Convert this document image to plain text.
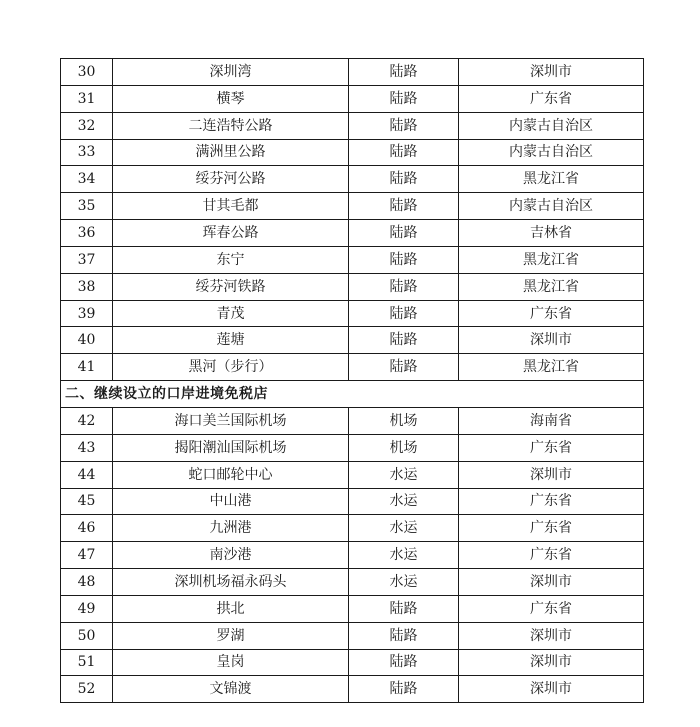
30	深圳湾	陆路	深圳市
31	横琴	陆路	广东省
32	二连浩特公路	陆路	内蒙古自治区
33	满洲里公路	陆路	内蒙古自治区
34	绥芬河公路	陆路	黑龙江省
35	甘其毛都	陆路	内蒙古自治区
36	珲春公路	陆路	吉林省
37	东宁	陆路	黑龙江省
38	绥芬河铁路	陆路	黑龙江省
39	青茂	陆路	广东省
40	莲塘	陆路	深圳市
41	黑河（步行）	陆路	黑龙江省
二、继续设立的口岸进境免税店			
42	海口美兰国际机场	机场	海南省
43	揭阳潮汕国际机场	机场	广东省
44	蛇口邮轮中心	水运	深圳市
45	中山港	水运	广东省
46	九洲港	水运	广东省
47	南沙港	水运	广东省
48	深圳机场福永码头	水运	深圳市
49	拱北	陆路	广东省
50	罗湖	陆路	深圳市
51	皇岗	陆路	深圳市
52	文锦渡	陆路	深圳市
